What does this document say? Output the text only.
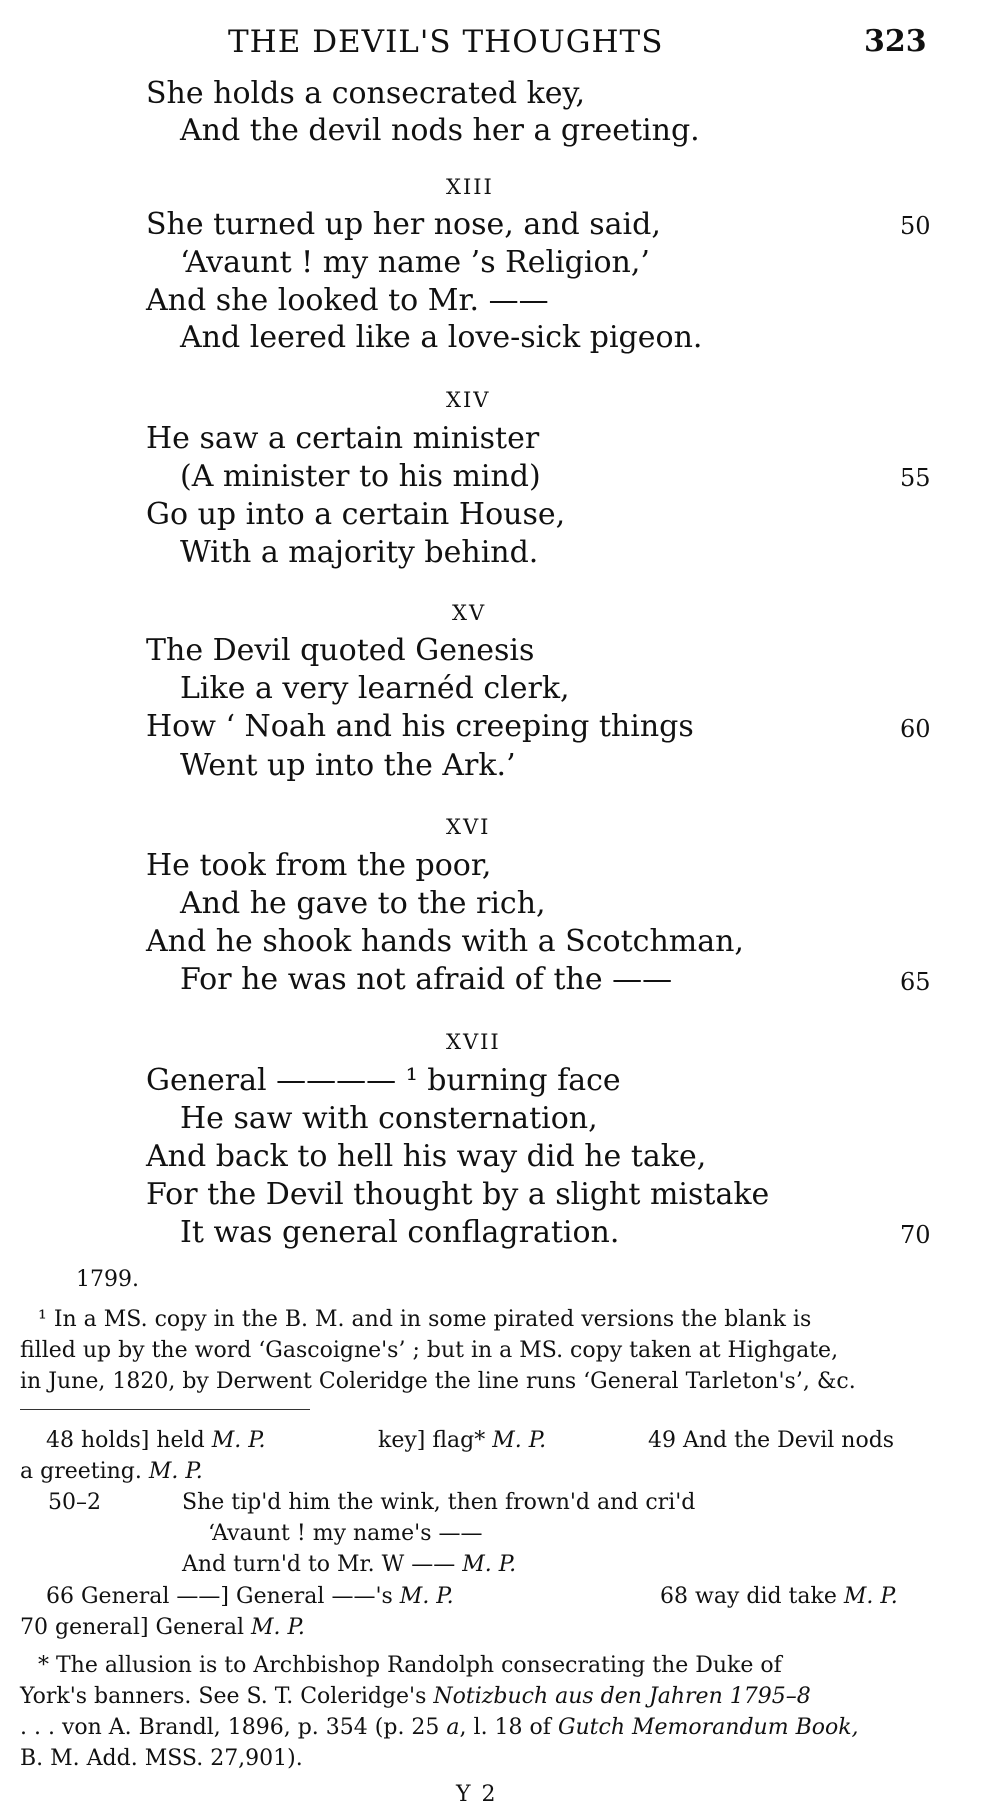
THE DEVIL'S THOUGHTS	323
She holds a consecrated key,
And the devil nods her a greeting.
XIII
She turned up her nose, and said,	50
‘Avaunt ! my name ’s Religion,’
And she looked to Mr. ——
And leered like a love-sick pigeon.
XIV
He saw a certain minister
(A minister to his mind)	55
Go up into a certain House,
With a majority behind.
XV
The Devil quoted Genesis
Like a very learnéd clerk,
How ‘ Noah and his creeping things	60
Went up into the Ark.’
XVI
He took from the poor,
And he gave to the rich,
And he shook hands with a Scotchman,
For he was not afraid of the ——	65
XVII
General ———— ¹ burning face
He saw with consternation,
And back to hell his way did he take,
For the Devil thought by a slight mistake
It was general conflagration.	70
1799.
¹ In a MS. copy in the B. M. and in some pirated versions the blank is
filled up by the word ‘Gascoigne's’ ; but in a MS. copy taken at Highgate,
in June, 1820, by Derwent Coleridge the line runs ‘General Tarleton's’, &c.
48 holds] held M. P.	key] flag* M. P.	49 And the Devil nods
a greeting. M. P.
50–2	She tip'd him the wink, then frown'd and cri'd
‘Avaunt ! my name's ——
And turn'd to Mr. W —— M. P.
66 General ——] General ——'s M. P.	68 way did take M. P.
70 general] General M. P.
* The allusion is to Archbishop Randolph consecrating the Duke of
York's banners. See S. T. Coleridge's Notizbuch aus den Jahren 1795–8
. . . von A. Brandl, 1896, p. 354 (p. 25 a, l. 18 of Gutch Memorandum Book,
B. M. Add. MSS. 27,901).
Y 2
